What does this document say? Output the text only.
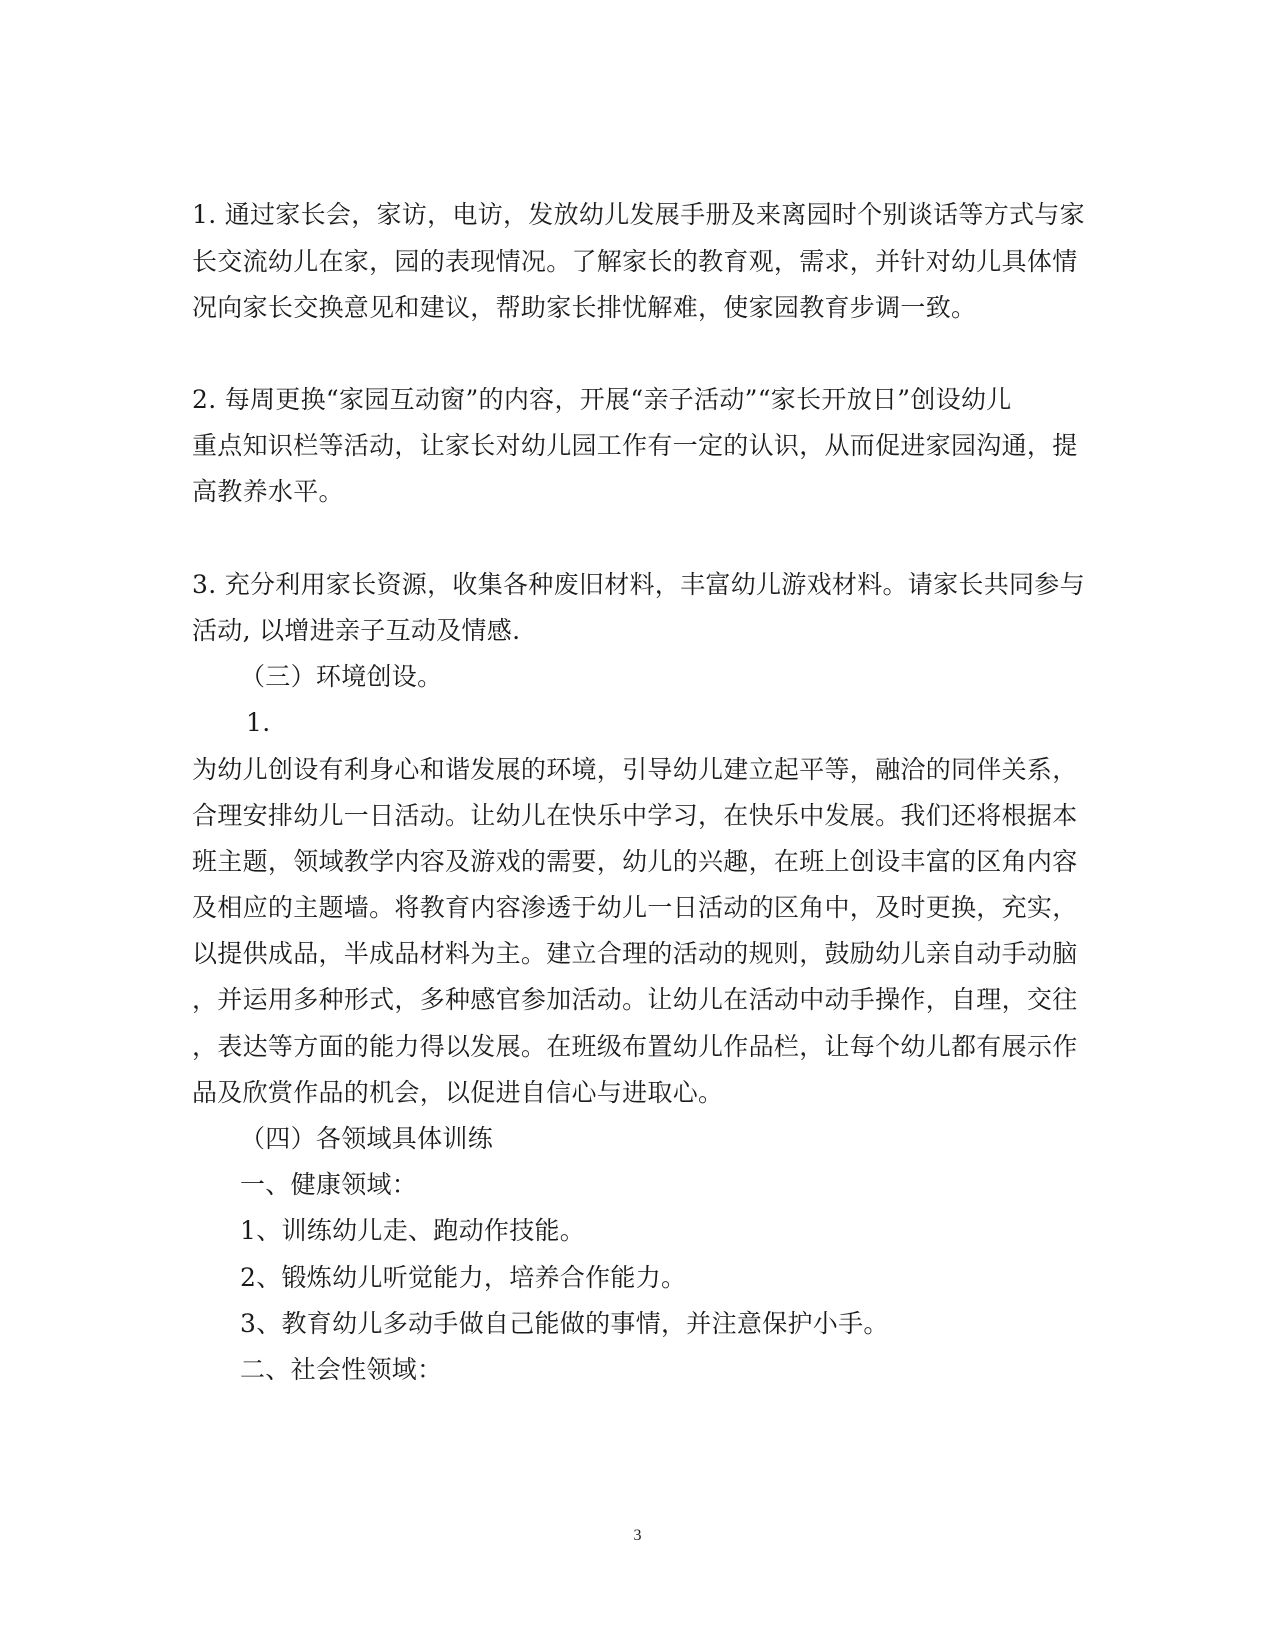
1. 通过家长会，家访，电访，发放幼儿发展手册及来离园时个别谈话等方式与家
长交流幼儿在家，园的表现情况。了解家长的教育观，需求，并针对幼儿具体情
况向家长交换意见和建议，帮助家长排忧解难，使家园教育步调一致。
2. 每周更换“家园互动窗”的内容，开展“亲子活动”“家长开放日”创设幼儿
重点知识栏等活动，让家长对幼儿园工作有一定的认识，从而促进家园沟通，提
高教养水平。
3. 充分利用家长资源，收集各种废旧材料，丰富幼儿游戏材料。请家长共同参与
活动, 以增进亲子互动及情感.
（三）环境创设。
1.
为幼儿创设有利身心和谐发展的环境，引导幼儿建立起平等，融洽的同伴关系，
合理安排幼儿一日活动。让幼儿在快乐中学习，在快乐中发展。我们还将根据本
班主题，领域教学内容及游戏的需要，幼儿的兴趣，在班上创设丰富的区角内容
及相应的主题墙。将教育内容渗透于幼儿一日活动的区角中，及时更换，充实，
以提供成品，半成品材料为主。建立合理的活动的规则，鼓励幼儿亲自动手动脑
，并运用多种形式，多种感官参加活动。让幼儿在活动中动手操作，自理，交往
，表达等方面的能力得以发展。在班级布置幼儿作品栏，让每个幼儿都有展示作
品及欣赏作品的机会，以促进自信心与进取心。
（四）各领域具体训练
一、健康领域：
1、训练幼儿走、跑动作技能。
2、锻炼幼儿听觉能力，培养合作能力。
3、教育幼儿多动手做自己能做的事情，并注意保护小手。
二、社会性领域：
3
